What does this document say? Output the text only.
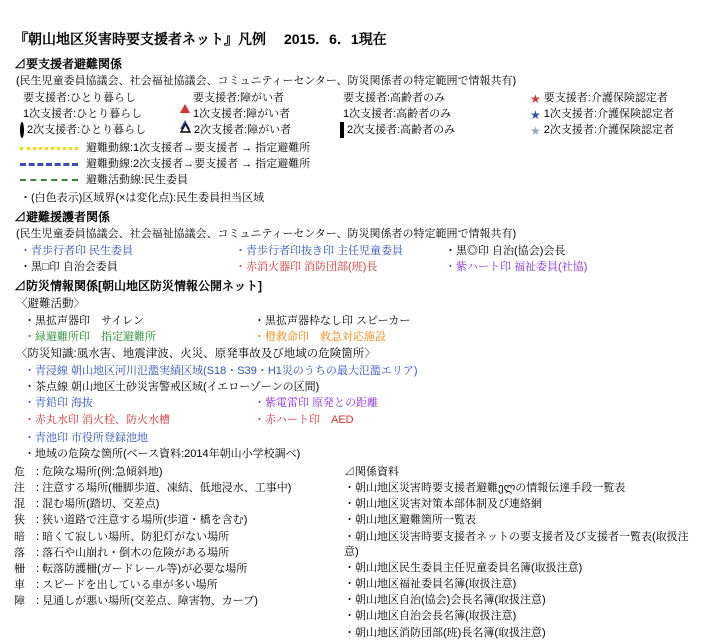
『朝山地区災害時要支援者ネット』凡例 2015．6．1現在
⊿要支援者避難関係
(民生児童委員協議会、社会福祉協議会、コミュニティーセンター、防災関係者の特定範囲で情報共有)
要支援者:ひとり暮らし	要支援者:障がい者	要支援者:高齢者のみ	★ 要支援者:介護保険認定者
1次支援者:ひとり暮らし	1次支援者:障がい者	1次支援者:高齢者のみ	★ 1次支援者:介護保険認定者
2次支援者:ひとり暮らし	2次支援者:障がい者	2次支援者:高齢者のみ	★ 2次支援者:介護保険認定者
避難動線:1次支援者→要支援者 → 指定避難所
避難動線:2次支援者→要支援者 → 指定避難所
避難活動線:民生委員
・ (白色表示)区域界(×は変化点):民生委員担当区域
⊿避難援護者関係
(民生児童委員協議会、社会福祉協議会、コミュニティーセンター、防災関係者の特定範囲で情報共有)
・ 青歩行者印 民生委員	・ 青歩行者印抜き印 主任児童委員	・ 黒◎印 自治(協会)会長
・ 黒□印 自治会委員	・ 赤消火器印 消防団部(班)長	・ 紫ハート印 福祉委員(社協)
⊿防災情報関係[朝山地区防災情報公開ネット]
〈避難活動〉
・ 黒拡声器印　サイレン	・ 黒拡声器枠なし印 スピーカー
・ 緑避難所印　指定避難所	・ 橙救命印　救急対応施設
〈防災知識:風水害、地震津波、火災、原発事故及び地域の危険箇所〉
・ 青浸線 朝山地区河川氾濫実績区域(S18・S39・H1災のうちの最大氾濫エリア)
・ 茶点線 朝山地区土砂災害警戒区域(イエローゾーンの区間)
・ 青鉛印 海抜	・ 紫電雷印 原発との距離
・ 赤丸水印 消火栓、防火水槽	・ 赤ハート印　AED
・ 青池印 市役所登録池地
・地域の危険な箇所(ベース資料:2014年朝山小学校調べ)
危	: 危険な場所(例:急傾斜地)
注	: 注意する場所(柵脚歩道、凍結、低地浸水、工事中)
混	: 混む場所(踏切、交差点)
狭	: 狭い道路で注意する場所(歩道・橋を含む)
暗	: 暗くて寂しい場所、防犯灯がない場所
落	: 落石や山崩れ・倒木の危険がある場所
柵	: 転落防護柵(ガードレール等)が必要な場所
車	: スピードを出している車が多い場所
障	: 見通しが悪い場所(交差点、障害物、カーブ)
⊿関係資料
・ 朝山地区災害時要支援者避難ელの情報伝達手段一覧表
・ 朝山地区災害対策本部体制及び連絡網
・ 朝山地区避難箇所一覧表
・ 朝山地区災害時要支援者ネットの要支援者及び支援者一覧表(取扱注意)
・ 朝山地区民生委員主任児童委員名簿(取扱注意)
・ 朝山地区福祉委員名簿(取扱注意)
・ 朝山地区自治(協会)会長名簿(取扱注意)
・ 朝山地区自治会長名簿(取扱注意)
・ 朝山地区消防団部(班)長名簿(取扱注意)
